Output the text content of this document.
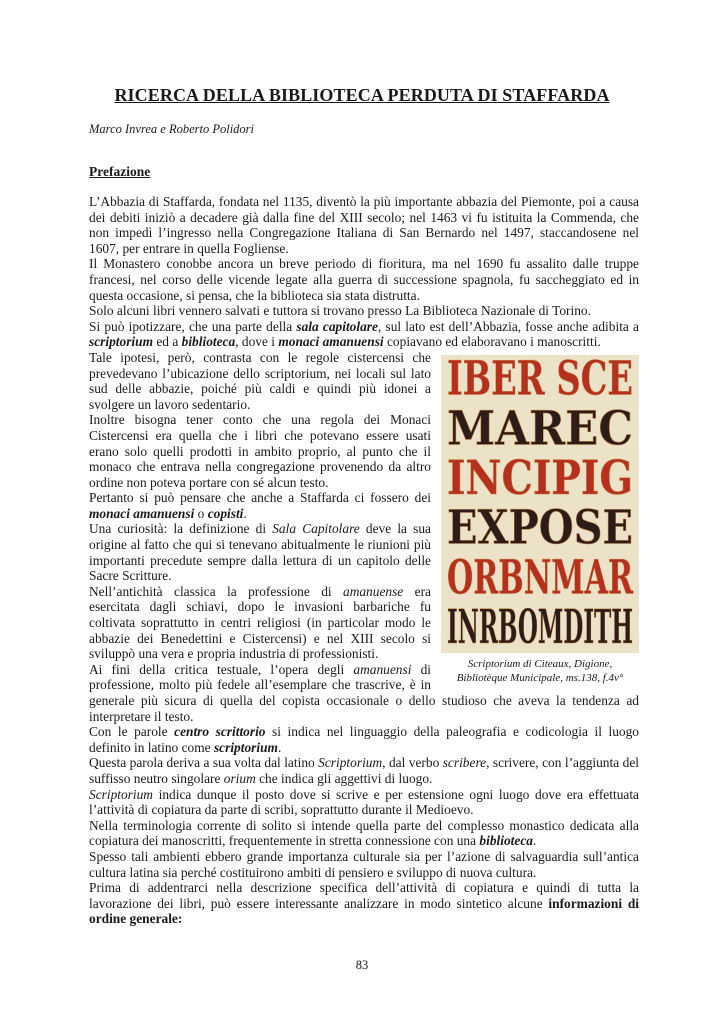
RICERCA DELLA BIBLIOTECA PERDUTA DI STAFFARDA
Marco Invrea e Roberto Polidori
Prefazione

L’Abbazia di Staffarda, fondata nel 1135, diventò la più importante abbazia del Piemonte, poi a causa dei debiti iniziò a decadere già dalla fine del XIII secolo; nel 1463 vi fu istituita la Commenda, che non impedì l’ingresso nella Congregazione Italiana di San Bernardo nel 1497, staccandosene nel 1607, per entrare in quella Fogliense.

Il Monastero conobbe ancora un breve periodo di fioritura, ma nel 1690 fu assalito dalle truppe francesi, nel corso delle vicende legate alla guerra di successione spagnola, fu saccheggiato ed in questa occasione, si pensa, che la biblioteca sia stata distrutta.

Solo alcuni libri vennero salvati e tuttora si trovano presso La Biblioteca Nazionale di Torino.

Si può ipotizzare, che una parte della sala capitolare, sul lato est dell’Abbazia, fosse anche adibita a scriptorium ed a biblioteca, dove i monaci amanuensi copiavano ed elaboravano i manoscritti.

IBER SCE
MAREC
INCIPIG
EXPOSE
ORBNMAR
INRBOMDITH
Scriptorium di Citeaux, Digione,
Bibliotèque Municipale, ms.138, f.4v°

Tale ipotesi, però, contrasta con le regole cistercensi che prevedevano l’ubicazione dello scriptorium, nei locali sul lato sud delle abbazie, poiché più caldi e quindi più idonei a svolgere un lavoro sedentario.

Inoltre bisogna tener conto che una regola dei Monaci Cistercensi era quella che i libri che potevano essere usati erano solo quelli prodotti in ambito proprio, al punto che il monaco che entrava nella congregazione provenendo da altro ordine non poteva portare con sé alcun testo.

Pertanto si può pensare che anche a Staffarda ci fossero dei monaci amanuensi o copisti.

Una curiosità: la definizione di Sala Capitolare deve la sua origine al fatto che qui si tenevano abitualmente le riunioni più importanti precedute sempre dalla lettura di un capitolo delle Sacre Scritture.

Nell’antichità classica la professione di amanuense era esercitata dagli schiavi, dopo le invasioni barbariche fu coltivata soprattutto in centri religiosi (in particolar modo le abbazie dei Benedettini e Cistercensi) e nel XIII secolo si sviluppò una vera e propria industria di professionisti.

Ai fini della critica testuale, l’opera degli amanuensi di professione, molto più fedele all’esemplare che trascrive, è in generale più sicura di quella del copista occasionale o dello studioso che aveva la tendenza ad interpretare il testo.

Con le parole centro scrittorio si indica nel linguaggio della paleografia e codicologia il luogo definito in latino come scriptorium.

Questa parola deriva a sua volta dal latino Scriptorium, dal verbo scribere, scrivere, con l’aggiunta del suffisso neutro singolare orium che indica gli aggettivi di luogo.

Scriptorium indica dunque il posto dove si scrive e per estensione ogni luogo dove era effettuata l’attività di copiatura da parte di scribi, soprattutto durante il Medioevo.

Nella terminologia corrente di solito si intende quella parte del complesso monastico dedicata alla copiatura dei manoscritti, frequentemente in stretta connessione con una biblioteca.

Spesso tali ambienti ebbero grande importanza culturale sia per l’azione di salvaguardia sull’antica cultura latina sia perché costituirono ambiti di pensiero e sviluppo di nuova cultura.

Prima di addentrarci nella descrizione specifica dell’attività di copiatura e quindi di tutta la lavorazione dei libri, può essere interessante analizzare in modo sintetico alcune informazioni di ordine generale:

83
